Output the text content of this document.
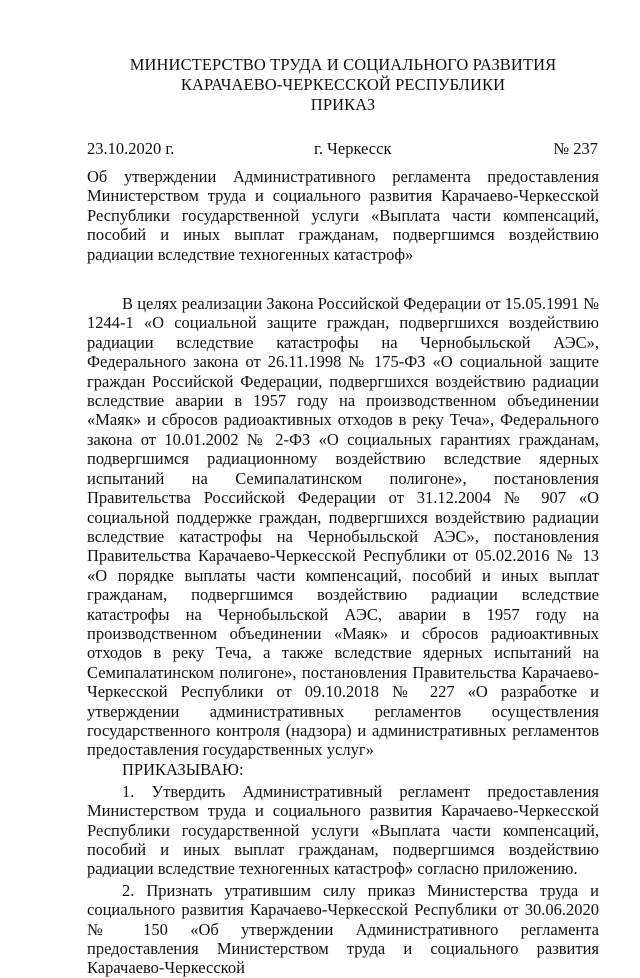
МИНИСТЕРСТВО ТРУДА И СОЦИАЛЬНОГО РАЗВИТИЯ
КАРАЧАЕВО-ЧЕРКЕССКОЙ РЕСПУБЛИКИ
ПРИКАЗ
23.10.2020 г.	г. Черкесск	№ 237
Об утверждении Административного регламента предоставления Министерством труда и социального развития Карачаево-Черкесской Республики государственной услуги «Выплата части компенсаций, пособий и иных выплат гражданам, подвергшимся воздействию радиации вследствие техногенных катастроф»
В целях реализации Закона Российской Федерации от 15.05.1991 № 1244-1 «О социальной защите граждан, подвергшихся воздействию радиации вследствие катастрофы на Чернобыльской АЭС», Федерального закона от 26.11.1998 № 175-ФЗ «О социальной защите граждан Российской Федерации, подвергшихся воздействию радиации вследствие аварии в 1957 году на производственном объединении «Маяк» и сбросов радиоактивных отходов в реку Теча», Федерального закона от 10.01.2002 № 2-ФЗ «О социальных гарантиях гражданам, подвергшимся радиационному воздействию вследствие ядерных испытаний на Семипалатинском полигоне», постановления Правительства Российской Федерации от 31.12.2004 № 907 «О социальной поддержке граждан, подвергшихся воздействию радиации вследствие катастрофы на Чернобыльской АЭС», постановления Правительства Карачаево-Черкесской Республики от 05.02.2016 № 13 «О порядке выплаты части компенсаций, пособий и иных выплат гражданам, подвергшимся воздействию радиации вследствие катастрофы на Чернобыльской АЭС, аварии в 1957 году на производственном объединении «Маяк» и сбросов радиоактивных отходов в реку Теча, а также вследствие ядерных испытаний на Семипалатинском полигоне», постановления Правительства Карачаево-Черкесской Республики от 09.10.2018 № 227 «О разработке и утверждении административных регламентов осуществления государственного контроля (надзора) и административных регламентов предоставления государственных услуг»
ПРИКАЗЫВАЮ:
1. Утвердить Административный регламент предоставления Министерством труда и социального развития Карачаево-Черкесской Республики государственной услуги «Выплата части компенсаций, пособий и иных выплат гражданам, подвергшимся воздействию радиации вследствие техногенных катастроф» согласно приложению.
2. Признать утратившим силу приказ Министерства труда и социального развития Карачаево-Черкесской Республики от 30.06.2020 № 150 «Об утверждении Административного регламента предоставления Министерством труда и социального развития Карачаево-Черкесской
